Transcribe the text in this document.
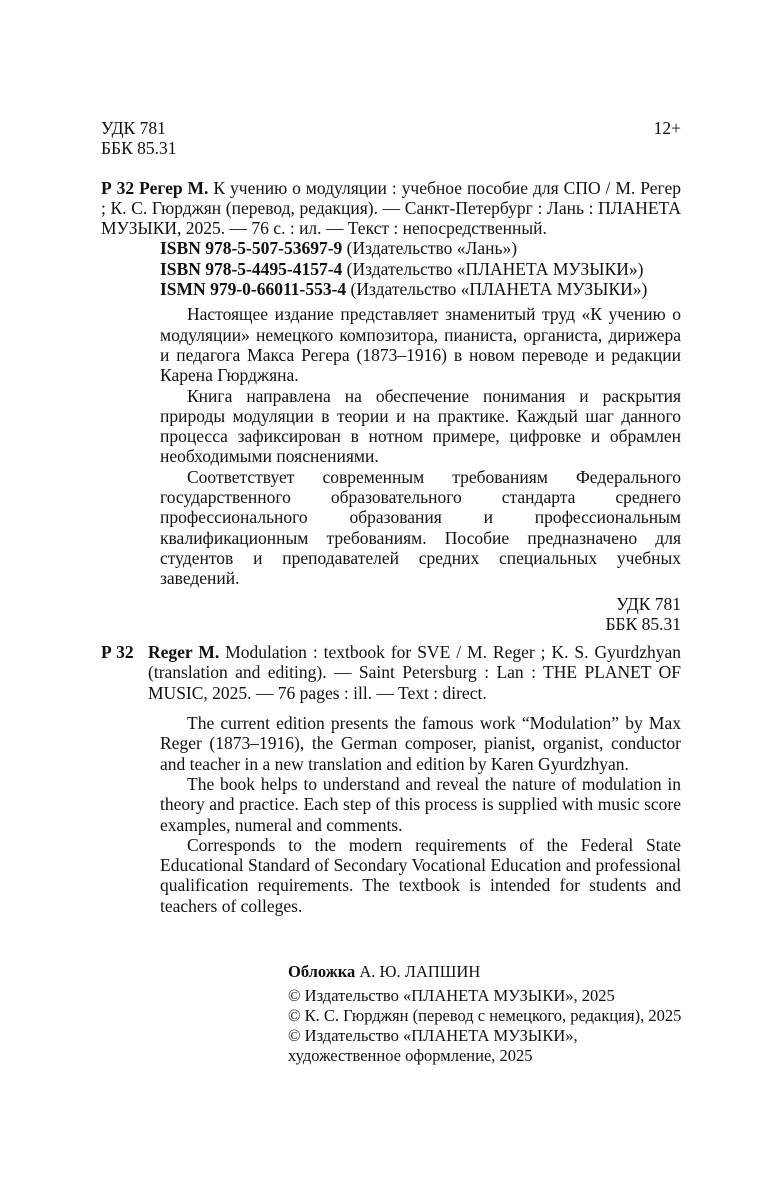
УДК 781
ББК 85.31
12+
Р 32 Регер М. К учению о модуляции : учебное пособие для СПО / М. Регер ; К. С. Гюрджян (перевод, редакция). — Санкт-Петербург : Лань : ПЛАНЕТА МУЗЫКИ, 2025. — 76 с. : ил. — Текст : непосредственный.
ISBN 978-5-507-53697-9 (Издательство «Лань»)
ISBN 978-5-4495-4157-4 (Издательство «ПЛАНЕТА МУЗЫКИ»)
ISMN 979-0-66011-553-4 (Издательство «ПЛАНЕТА МУЗЫКИ»)
Настоящее издание представляет знаменитый труд «К учению о модуляции» немецкого композитора, пианиста, органиста, дирижера и педагога Макса Регера (1873–1916) в новом переводе и редакции Карена Гюрджяна.
Книга направлена на обеспечение понимания и раскрытия природы модуляции в теории и на практике. Каждый шаг данного процесса зафиксирован в нотном примере, цифровке и обрамлен необходимыми пояснениями.
Соответствует современным требованиям Федерального государственного образовательного стандарта среднего профессионального образования и профессиональным квалификационным требованиям. Пособие предназначено для студентов и преподавателей средних специальных учебных заведений.
УДК 781
ББК 85.31
Р 32 Reger M. Modulation : textbook for SVE / M. Reger ; K. S. Gyurdzhyan (translation and editing). — Saint Petersburg : Lan : THE PLANET OF MUSIC, 2025. — 76 pages : ill. — Text : direct.
The current edition presents the famous work “Modulation” by Max Reger (1873–1916), the German composer, pianist, organist, conductor and teacher in a new translation and edition by Karen Gyurdzhyan.
The book helps to understand and reveal the nature of modulation in theory and practice. Each step of this process is supplied with music score examples, numeral and comments.
Corresponds to the modern requirements of the Federal State Educational Standard of Secondary Vocational Education and professional qualification requirements. The textbook is intended for students and teachers of colleges.
Обложка А. Ю. ЛАПШИН
© Издательство «ПЛАНЕТА МУЗЫКИ», 2025
© К. С. Гюрджян (перевод с немецкого, редакция), 2025
© Издательство «ПЛАНЕТА МУЗЫКИ», художественное оформление, 2025
